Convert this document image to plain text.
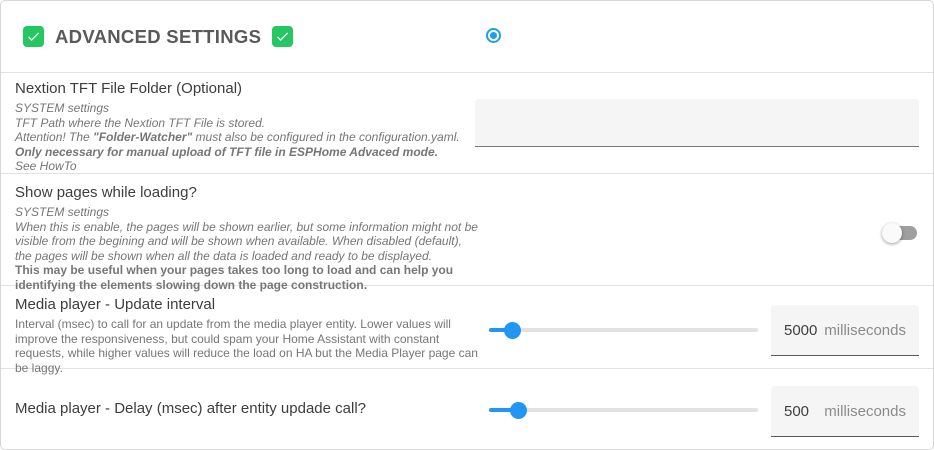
ADVANCED SETTINGS
Nextion TFT File Folder (Optional)
SYSTEM settings
TFT Path where the Nextion TFT File is stored.
Attention! The "Folder-Watcher" must also be configured in the configuration.yaml.
Only necessary for manual upload of TFT file in ESPHome Advaced mode.
See HowTo
Show pages while loading?
SYSTEM settings
When this is enable, the pages will be shown earlier, but some information might not be visible from the begining and will be shown when available. When disabled (default), the pages will be shown when all the data is loaded and ready to be displayed.
This may be useful when your pages takes too long to load and can help you identifying the elements slowing down the page construction.
Media player - Update interval
Interval (msec) to call for an update from the media player entity. Lower values will improve the responsiveness, but could spam your Home Assistant with constant requests, while higher values will reduce the load on HA but the Media Player page can be laggy.
5000 milliseconds
Media player - Delay (msec) after entity updade call?	500 milliseconds
